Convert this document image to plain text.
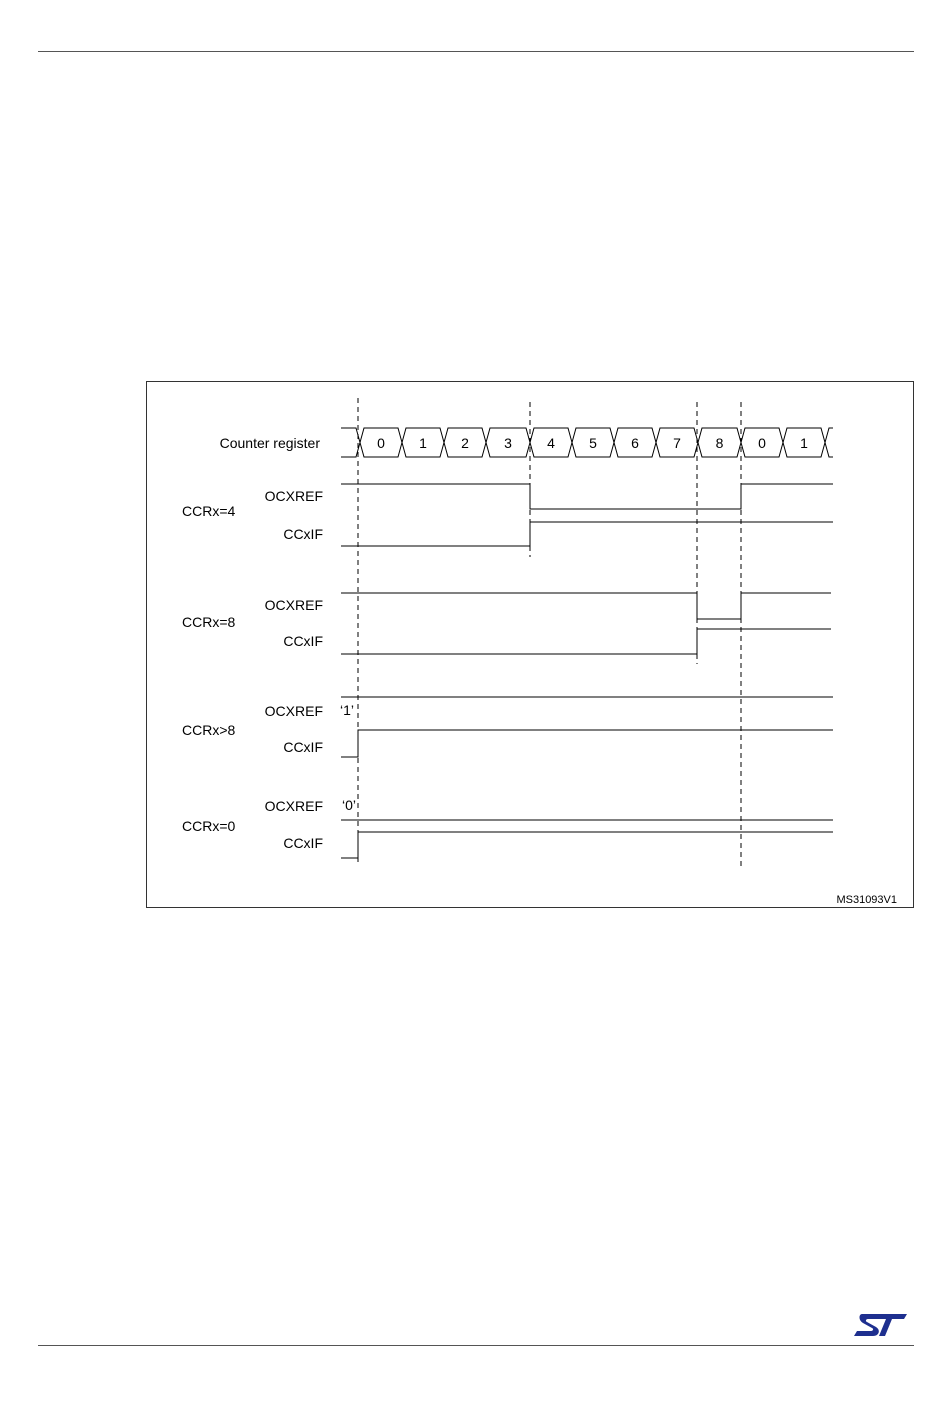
Counter register
CCRx=4
OCXREF
CCxIF
CCRx=8
OCXREF
CCxIF
CCRx>8
OCXREF
CCxIF
‘1’
CCRx=0
OCXREF
CCxIF
‘0’
MS31093V1
0 1 2	3	4 5 6 7 8 0 1
